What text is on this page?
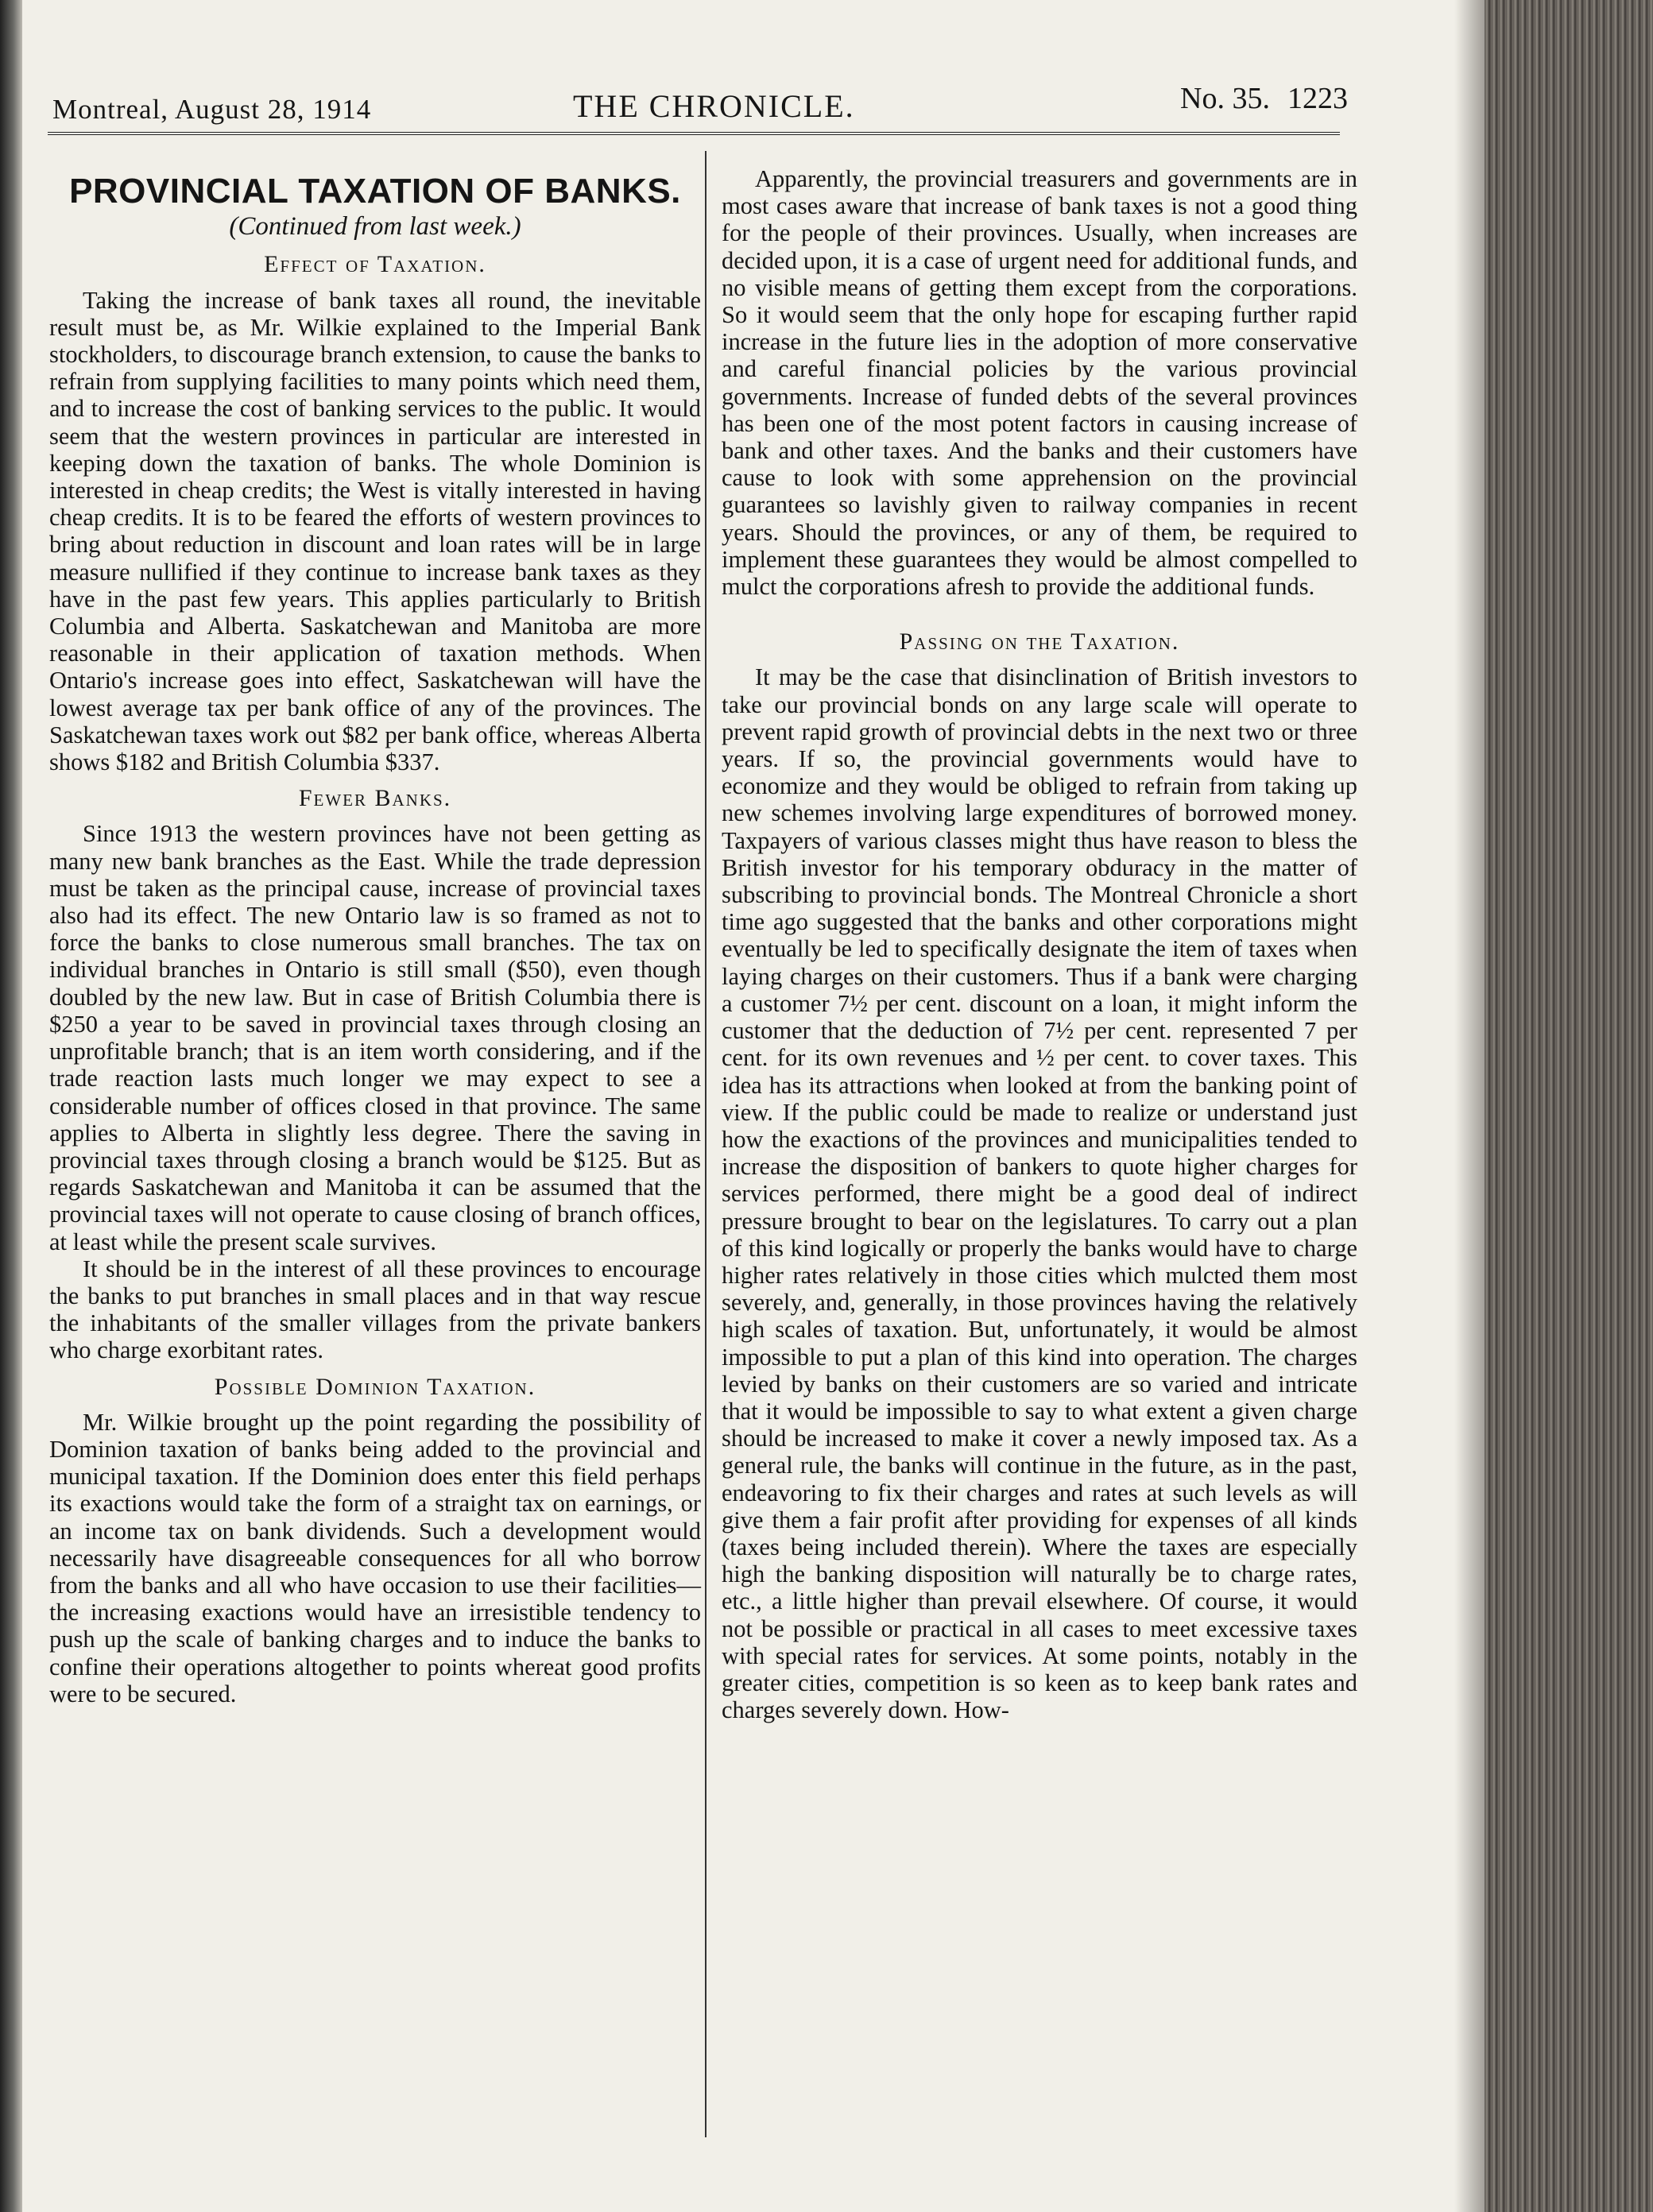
Montreal, August 28, 1914	THE CHRONICLE.	No. 35. 1223
PROVINCIAL TAXATION OF BANKS.
(Continued from last week.)
Effect of Taxation.

Taking the increase of bank taxes all round, the inevitable result must be, as Mr. Wilkie explained to the Imperial Bank stockholders, to discourage branch extension, to cause the banks to refrain from supplying facilities to many points which need them, and to increase the cost of banking services to the public. It would seem that the western provinces in particular are interested in keeping down the taxation of banks. The whole Dominion is interested in cheap credits; the West is vitally interested in having cheap credits. It is to be feared the efforts of western provinces to bring about reduction in discount and loan rates will be in large measure nullified if they continue to increase bank taxes as they have in the past few years. This applies particularly to British Columbia and Alberta. Saskatchewan and Manitoba are more reasonable in their application of taxation methods. When Ontario's increase goes into effect, Saskatchewan will have the lowest average tax per bank office of any of the provinces. The Saskatchewan taxes work out $82 per bank office, whereas Alberta shows $182 and British Columbia $337.

Fewer Banks.

Since 1913 the western provinces have not been getting as many new bank branches as the East. While the trade depression must be taken as the principal cause, increase of provincial taxes also had its effect. The new Ontario law is so framed as not to force the banks to close numerous small branches. The tax on individual branches in Ontario is still small ($50), even though doubled by the new law. But in case of British Columbia there is $250 a year to be saved in provincial taxes through closing an unprofitable branch; that is an item worth considering, and if the trade reaction lasts much longer we may expect to see a considerable number of offices closed in that province. The same applies to Alberta in slightly less degree. There the saving in provincial taxes through closing a branch would be $125. But as regards Saskatchewan and Manitoba it can be assumed that the provincial taxes will not operate to cause closing of branch offices, at least while the present scale survives.

It should be in the interest of all these provinces to encourage the banks to put branches in small places and in that way rescue the inhabitants of the smaller villages from the private bankers who charge exorbitant rates.

Possible Dominion Taxation.

Mr. Wilkie brought up the point regarding the possibility of Dominion taxation of banks being added to the provincial and municipal taxation. If the Dominion does enter this field perhaps its exactions would take the form of a straight tax on earnings, or an income tax on bank dividends. Such a development would necessarily have disagreeable consequences for all who borrow from the banks and all who have occasion to use their facilities—the increasing exactions would have an irresistible tendency to push up the scale of banking charges and to induce the banks to confine their operations altogether to points whereat good profits were to be secured.

Apparently, the provincial treasurers and governments are in most cases aware that increase of bank taxes is not a good thing for the people of their provinces. Usually, when increases are decided upon, it is a case of urgent need for additional funds, and no visible means of getting them except from the corporations. So it would seem that the only hope for escaping further rapid increase in the future lies in the adoption of more conservative and careful financial policies by the various provincial governments. Increase of funded debts of the several provinces has been one of the most potent factors in causing increase of bank and other taxes. And the banks and their customers have cause to look with some apprehension on the provincial guarantees so lavishly given to railway companies in recent years. Should the provinces, or any of them, be required to implement these guarantees they would be almost compelled to mulct the corporations afresh to provide the additional funds.

Passing on the Taxation.

It may be the case that disinclination of British investors to take our provincial bonds on any large scale will operate to prevent rapid growth of provincial debts in the next two or three years. If so, the provincial governments would have to economize and they would be obliged to refrain from taking up new schemes involving large expenditures of borrowed money. Taxpayers of various classes might thus have reason to bless the British investor for his temporary obduracy in the matter of subscribing to provincial bonds. The Montreal Chronicle a short time ago suggested that the banks and other corporations might eventually be led to specifically designate the item of taxes when laying charges on their customers. Thus if a bank were charging a customer 7½ per cent. discount on a loan, it might inform the customer that the deduction of 7½ per cent. represented 7 per cent. for its own revenues and ½ per cent. to cover taxes. This idea has its attractions when looked at from the banking point of view. If the public could be made to realize or understand just how the exactions of the provinces and municipalities tended to increase the disposition of bankers to quote higher charges for services performed, there might be a good deal of indirect pressure brought to bear on the legislatures. To carry out a plan of this kind logically or properly the banks would have to charge higher rates relatively in those cities which mulcted them most severely, and, generally, in those provinces having the relatively high scales of taxation. But, unfortunately, it would be almost impossible to put a plan of this kind into operation. The charges levied by banks on their customers are so varied and intricate that it would be impossible to say to what extent a given charge should be increased to make it cover a newly imposed tax. As a general rule, the banks will continue in the future, as in the past, endeavoring to fix their charges and rates at such levels as will give them a fair profit after providing for expenses of all kinds (taxes being included therein). Where the taxes are especially high the banking disposition will naturally be to charge rates, etc., a little higher than prevail elsewhere. Of course, it would not be possible or practical in all cases to meet excessive taxes with special rates for services. At some points, notably in the greater cities, competition is so keen as to keep bank rates and charges severely down. How-
